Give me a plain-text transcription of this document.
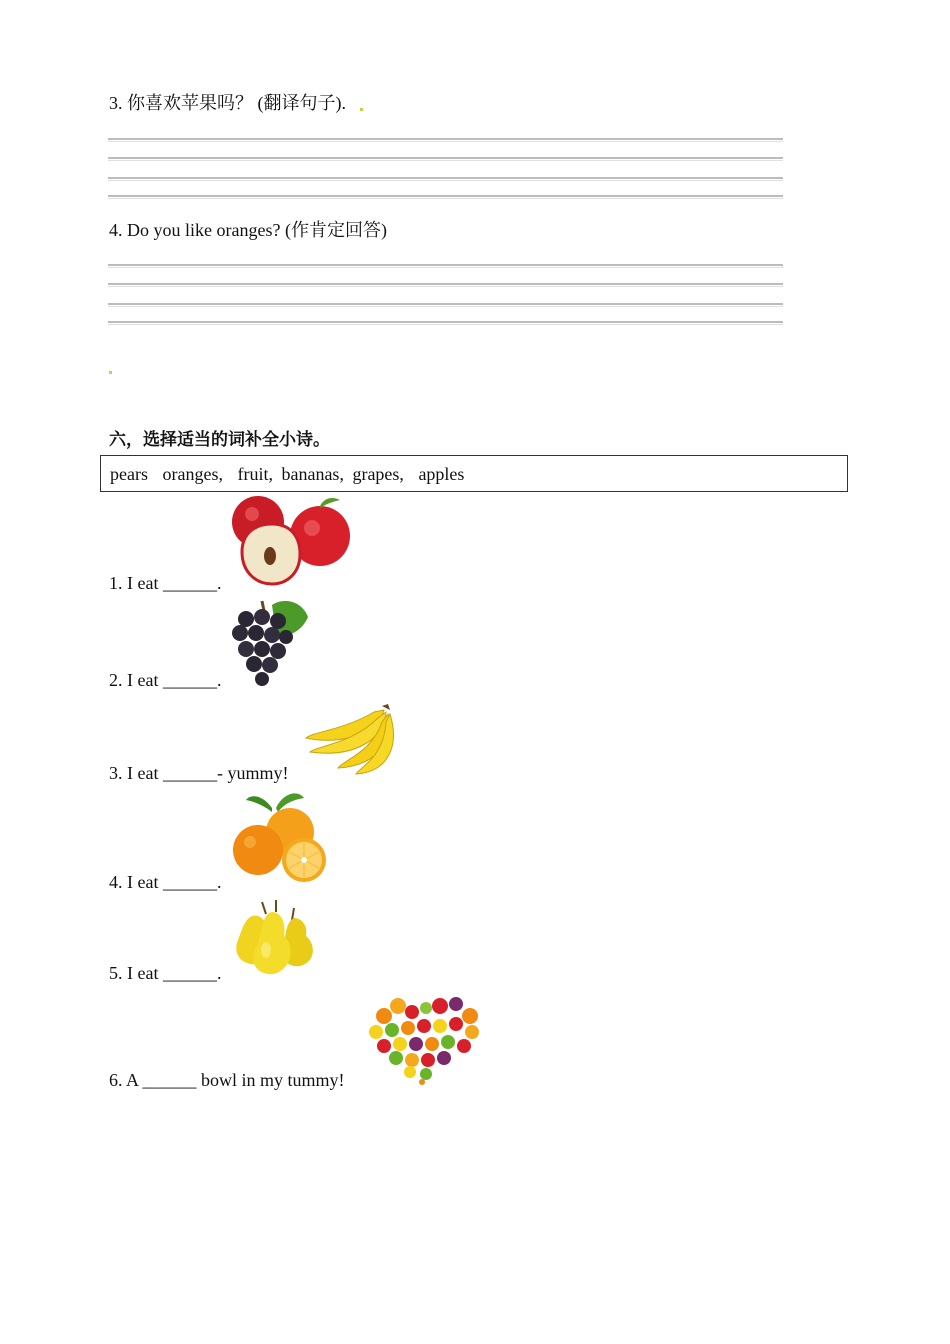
3. 你喜欢苹果吗？ (翻译句子).
4. Do you like oranges? (作肯定回答)
六，选择适当的词补全小诗。
pears oranges, fruit, bananas, grapes, apples
1. I eat ______.
2. I eat ______.
3. I eat ______- yummy!
4. I eat ______.
5. I eat ______.
6. A ______ bowl in my tummy!
